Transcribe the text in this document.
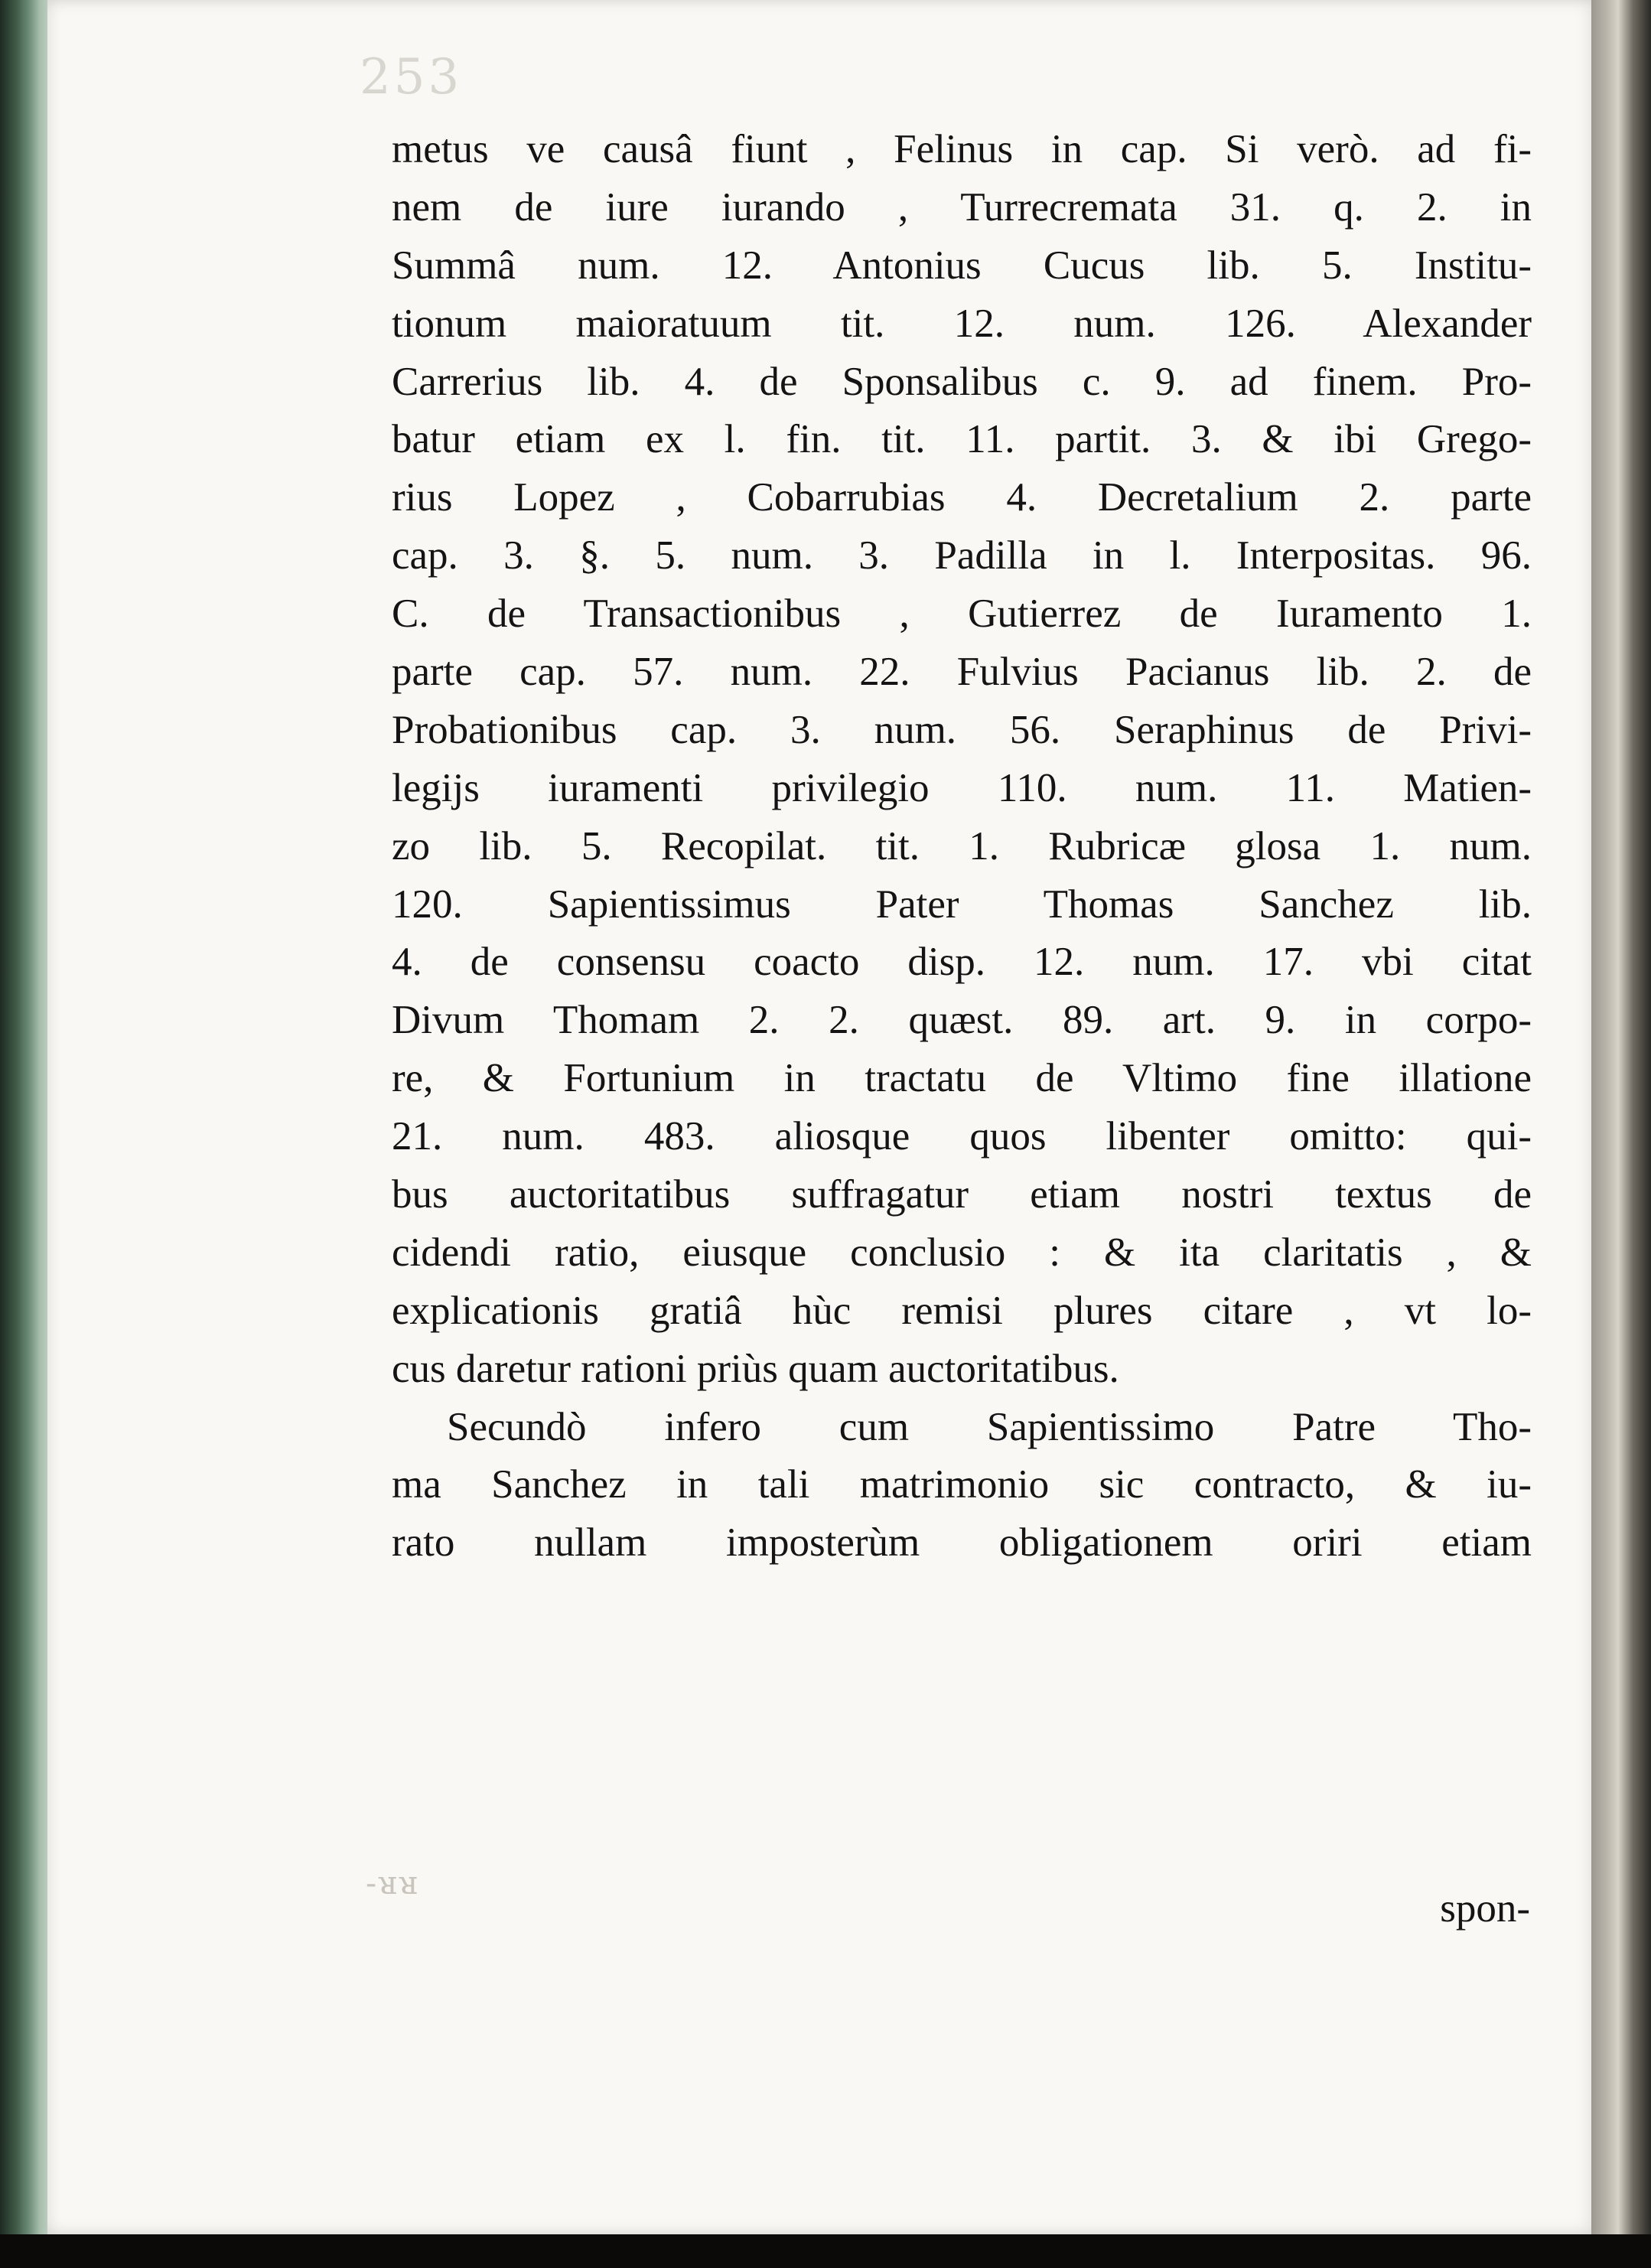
253
-ᴚᴚ
metus ve causâ fiunt , Felinus in cap. Si verò. ad fi-
nem de iure iurando , Turrecremata 31. q. 2. in
Summâ num. 12. Antonius Cucus lib. 5. Institu-
tionum maioratuum tit. 12. num. 126. Alexander
Carrerius lib. 4. de Sponsalibus c. 9. ad finem. Pro-
batur etiam ex l. fin. tit. 11. partit. 3. & ibi Grego-
rius Lopez , Cobarrubias 4. Decretalium 2. parte
cap. 3. §. 5. num. 3. Padilla in l. Interpositas. 96.
C. de Transactionibus , Gutierrez de Iuramento 1.
parte cap. 57. num. 22. Fulvius Pacianus lib. 2. de
Probationibus cap. 3. num. 56. Seraphinus de Privi-
legijs iuramenti privilegio 110. num. 11. Matien-
zo lib. 5. Recopilat. tit. 1. Rubricæ glosa 1. num.
120. Sapientissimus Pater Thomas Sanchez lib.
4. de consensu coacto disp. 12. num. 17. vbi citat
Divum Thomam 2. 2. quæst. 89. art. 9. in corpo-
re, & Fortunium in tractatu de Vltimo fine illatione
21. num. 483. aliosque quos libenter omitto: qui-
bus auctoritatibus suffragatur etiam nostri textus de
cidendi ratio, eiusque conclusio : & ita claritatis , &
explicationis gratiâ hùc remisi plures citare , vt lo-
cus daretur rationi priùs quam auctoritatibus.
Secundò infero cum Sapientissimo Patre Tho-
ma Sanchez in tali matrimonio sic contracto, & iu-
rato nullam imposterùm obligationem oriri etiam
spon-
